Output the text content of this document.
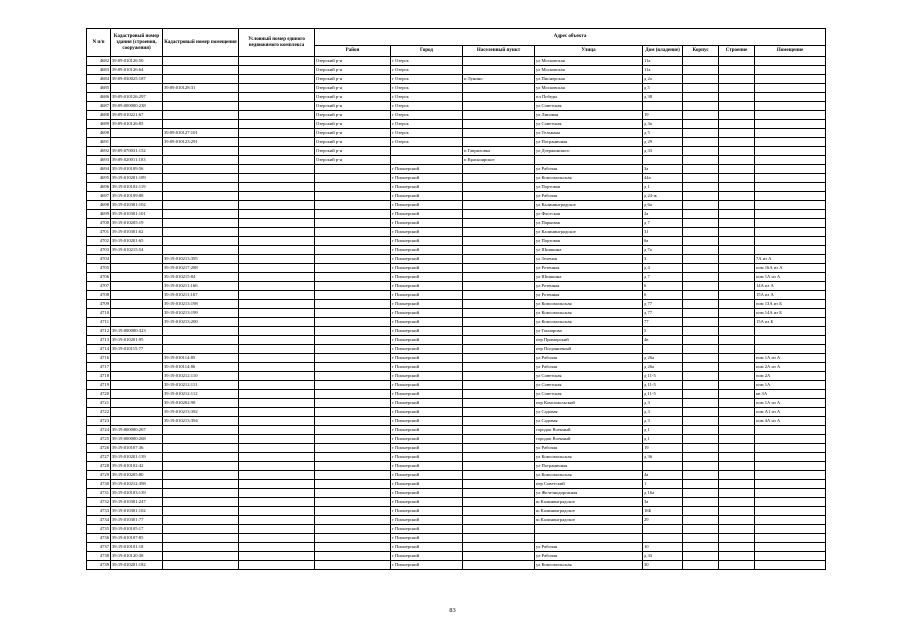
N п/п	Кадастровый номер здания (строения, сооружения)	Кадастровый номер помещения	Условный номер единого недвижимого комплекса	Адрес объекта							
				Район	Город	Населенный пункт	Улица	Дом (владение)	Корпус	Строение	Помещение
4682	39:09:010126:50			Озерский р-н	г Озерск		ул Московская	11а			
4683	39:09:010126:64			Озерский р-н	г Озерск		ул Московская	11а			
4684	39:09:030025:187			Озерский р-н	г Озерск	п Лунино	ул Пионерская	д 2а			
4685		39:09:010128:31		Озерский р-н	г Озерск		ул Московская	д 5			
4686	39:09:010126:297			Озерский р-н	г Озерск		пл Победы	д 38			
4687	39:09:000000:238			Озерский р-н	г Озерск		ул Советская				
4688	39:09:010221:67			Озерский р-н	г Озерск		ул Липовая	19			
4689	39:09:010126:85			Озерский р-н	г Озерск		ул Советская	д 3а			
4690		39:09:010127:101		Озерский р-н	г Озерск		ул Тельмана	д 5			
4691		39:09:010123:291		Озерский р-н	г Озерск		ул Пограничная	д 29			
4692	39:09:070031:152			Озерский р-н		п Гавриловка	ул Дзержинского	д 33			
4693	39:09:020011:103			Озерский р-н		п Красноярское					
4694	39:19:010109:56				г Пионерский		ул Рабочая	3а			
4695	39:19:010201:189				г Пионерский		ул Комсомольская	44а			
4696	39:19:010102:119				г Пионерский		ул Портовая	д 1			
4697	39:19:010109:88				г Пионерский		ул Рабочая	д 24-ж			
4698	39:19:010301:102				г Пионерский		ул Калининградское	д 6а			
4699	39:19:010301:101				г Пионерский		ул Флотская	2а			
4700	39:19:010205:19				г Пионерский		ул Парковая	д 7			
4701	39:19:010301:62				г Пионерский		ул Калининградское	31			
4702	39:19:010201:65				г Пионерский		ул Портовая	6а			
4703	39:19:010215:54				г Пионерский		ул Шишкина	д 7а			
4704		39:19:010213:395			г Пионерский		ул Зеленая	3			7А из А
4705		39:19:010217:288			г Пионерский		ул Ротенная	д 4			пом 16А из А
4706		39:19:010215:84			г Пионерский		ул Шишкина	д 7			пом 1А из А
4707		39:19:010211:166			г Пионерский		ул Ротенная	6			14А из А
4708		39:19:010211:167			г Пионерский		ул Ротенная	6			15А из А
4709		39:19:010213:198			г Пионерский		ул Комсомольская	д 77			пом 13А из Б
4710		39:19:010213:199			г Пионерский		ул Комсомольская	д 77			пом 14А из Б
4711		39:19:010213:200			г Пионерский		ул Комсомольская	77			15А из Б
4712	39:19:000000:323				г Пионерский		ул Гончарова	5			
4713	39:19:010201:95				г Пионерский		пер Приморский	4в			
4714	39:19:010115:77				г Пионерский		пер Пограничный				
4716		39:19:010114:85			г Пионерский		ул Рабочая	д 26а			пом 1А из А
4717		39:19:010114:86			г Пионерский		ул Рабочая	д 26а			пом 2А из А
4718		39:19:010212:110			г Пионерский		ул Советская	д 11-5			пом 2А
4719		39:19:010212:111			г Пионерский		ул Советская	д 11-5			пом 1А
4720		39:19:010212:112			г Пионерский		ул Советская	д 11-5			кв 3А
4721		39:19:010202:98			г Пионерский		пер Комсомольский	д 3			пом 1А из А
4722		39:19:010213:392			г Пионерский		ул Садовая	д 3			пом А1 из А
4723		39:19:010213:394			г Пионерский		ул Садовая	д 3			пом 4А из А
4724	39:19:000000:267				г Пионерский		городок Военный	д 1			
4725	39:19:000000:268				г Пионерский		городок Военный	д 1			
4726	39:19:010107:36				г Пионерский		ул Рабочая	19			
4727	39:19:010201:139				г Пионерский		ул Комсомольская	д 36			
4728	39:19:010102:42				г Пионерский		ул Пограничная				
4729	39:19:010205:80				г Пионерский		ул Комсомольская	4а			
4730	39:19:010212:398				г Пионерский		пер Советский	1			
4731	39:19:010103:139				г Пионерский		ул Железнодорожная	д 16а			
4732	39:19:010301:247				г Пионерский		ш Калининградское	3а			
4733	39:19:010301:102				г Пионерский		ш Калининградское	16Б			
4734	39:19:010301:77				г Пионерский		ш Калининградское	29			
4735	39:19:010105:17				г Пионерский						
4736	39:19:010107:85				г Пионерский						
4737	39:19:010101:18				г Пионерский		ул Рабочая	10			
4738	39:19:010120:38				г Пионерский		ул Рабочая	д 33			
4739	39:19:010201:182				г Пионерский		ул Комсомольская	30			
83
